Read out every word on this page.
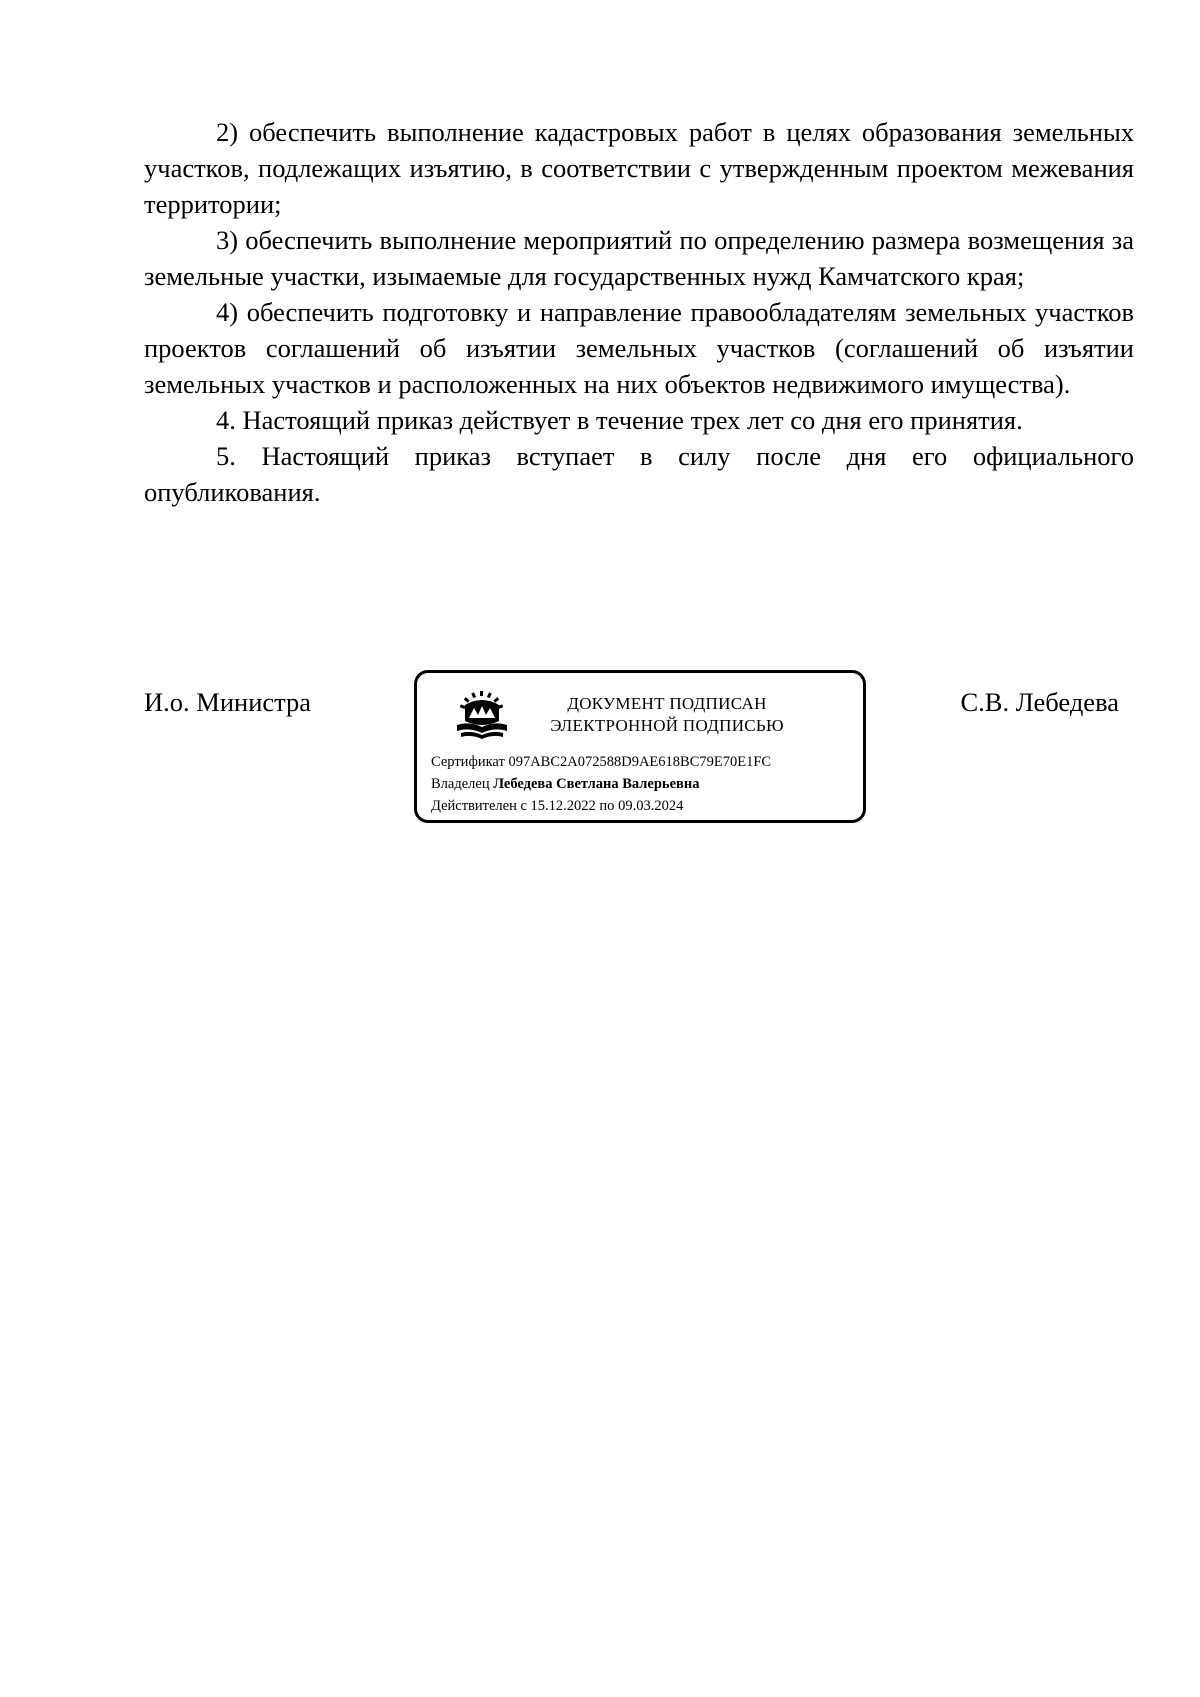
2) обеспечить выполнение кадастровых работ в целях образования земельных участков, подлежащих изъятию, в соответствии с утвержденным проектом межевания территории;

3) обеспечить выполнение мероприятий по определению размера возмещения за земельные участки, изымаемые для государственных нужд Камчатского края;

4) обеспечить подготовку и направление правообладателям земельных участков проектов соглашений об изъятии земельных участков (соглашений об изъятии земельных участков и расположенных на них объектов недвижимого имущества).

4. Настоящий приказ действует в течение трех лет со дня его принятия.

5. Настоящий приказ вступает в силу после дня его официального опубликования.

И.о. Министра	ДОКУМЕНТ ПОДПИСАН
ЭЛЕКТРОННОЙ ПОДПИСЬЮ
Сертификат 097ABC2A072588D9AE618BC79E70E1FC
Владелец Лебедева Светлана Валерьевна
Действителен с 15.12.2022 по 09.03.2024
С.В. Лебедева
